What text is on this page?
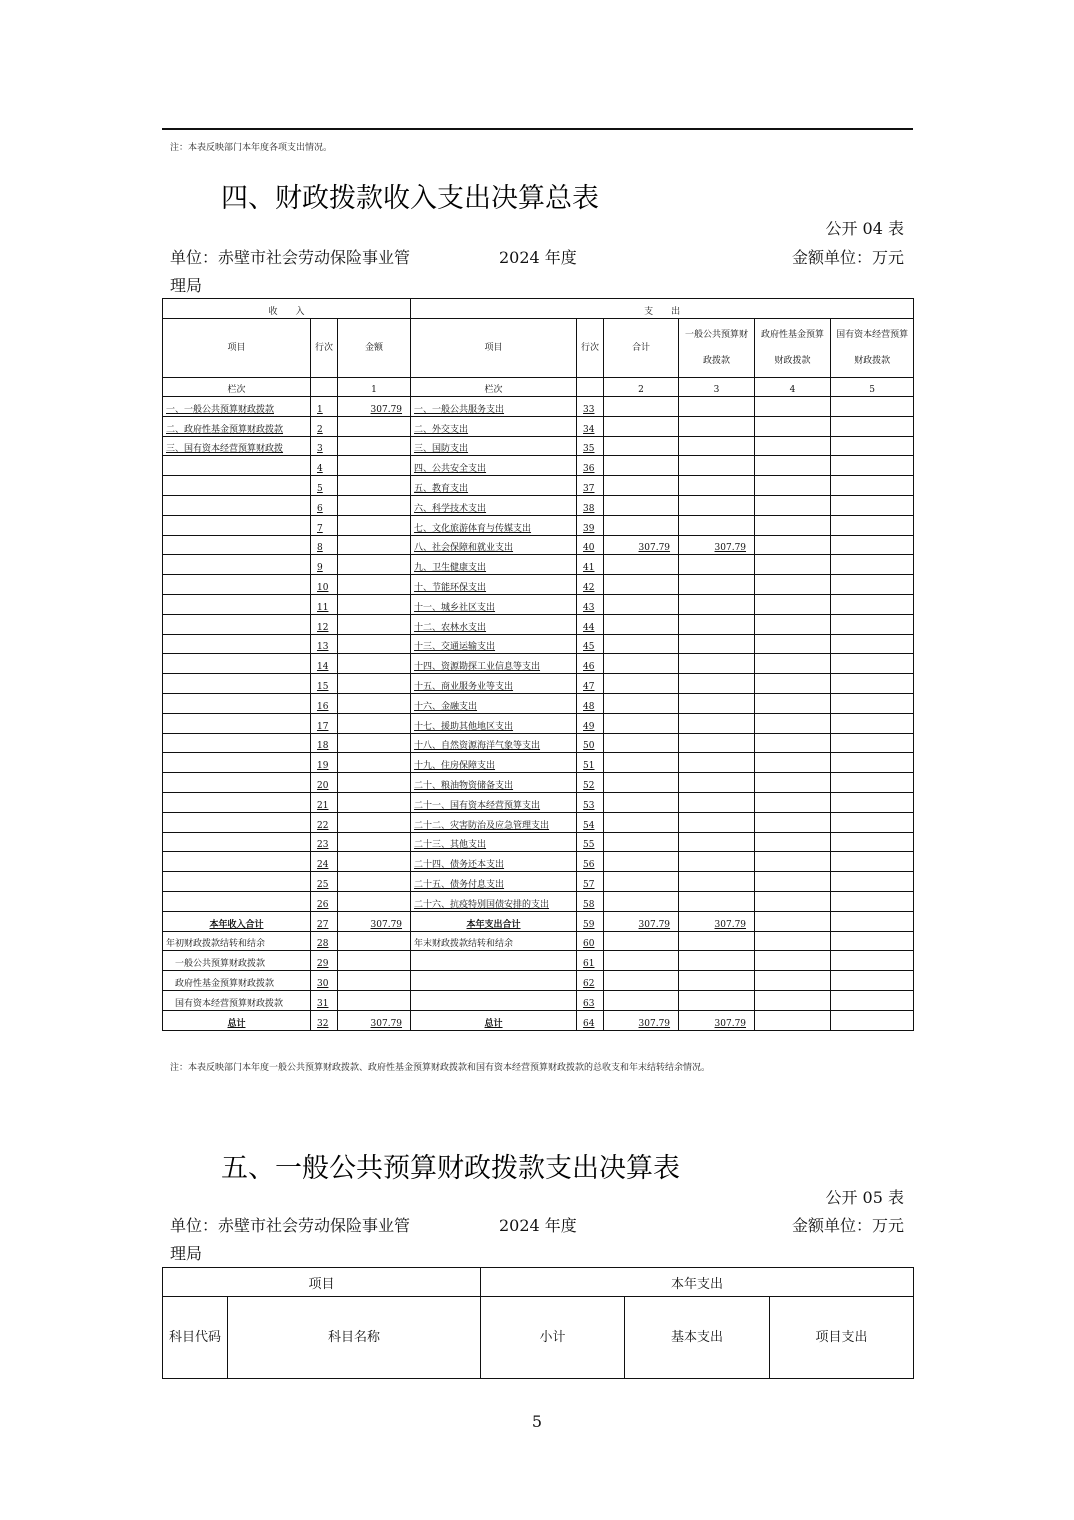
注：本表反映部门本年度各项支出情况。
四、财政拨款收入支出决算总表
公开 04 表
单位：赤壁市社会劳动保险事业管
理局
2024 年度	金额单位：万元
收　　入			支　　出					
项目	行次	金额	项目	行次	合计	一般公共预算财政拨款	政府性基金预算财政拨款	国有资本经营预算财政拨款
栏次		1	栏次		2	3	4	5
一、一般公共预算财政拨款	1	307.79	一、一般公共服务支出	33				
二、政府性基金预算财政拨款	2		二、外交支出	34				
三、国有资本经营预算财政拨	3		三、国防支出	35				
	4		四、公共安全支出	36				
	5		五、教育支出	37				
	6		六、科学技术支出	38				
	7		七、文化旅游体育与传媒支出	39				
	8		八、社会保障和就业支出	40	307.79	307.79		
	9		九、卫生健康支出	41				
	10		十、节能环保支出	42				
	11		十一、城乡社区支出	43				
	12		十二、农林水支出	44				
	13		十三、交通运输支出	45				
	14		十四、资源勘探工业信息等支出	46				
	15		十五、商业服务业等支出	47				
	16		十六、金融支出	48				
	17		十七、援助其他地区支出	49				
	18		十八、自然资源海洋气象等支出	50				
	19		十九、住房保障支出	51				
	20		二十、粮油物资储备支出	52				
	21		二十一、国有资本经营预算支出	53				
	22		二十二、灾害防治及应急管理支出	54				
	23		二十三、其他支出	55				
	24		二十四、债务还本支出	56				
	25		二十五、债务付息支出	57				
	26		二十六、抗疫特别国债安排的支出	58				
本年收入合计	27	307.79	本年支出合计	59	307.79	307.79		
年初财政拨款结转和结余	28		年末财政拨款结转和结余	60				
一般公共预算财政拨款	29			61				
政府性基金预算财政拨款	30			62				
国有资本经营预算财政拨款	31			63				
总计	32	307.79	总计	64	307.79	307.79		
注：本表反映部门本年度一般公共预算财政拨款、政府性基金预算财政拨款和国有资本经营预算财政拨款的总收支和年末结转结余情况。
五、一般公共预算财政拨款支出决算表
公开 05 表
单位：赤壁市社会劳动保险事业管
理局
2024 年度	金额单位：万元
项目		本年支出		
科目代码	科目名称	小计	基本支出	项目支出
5
